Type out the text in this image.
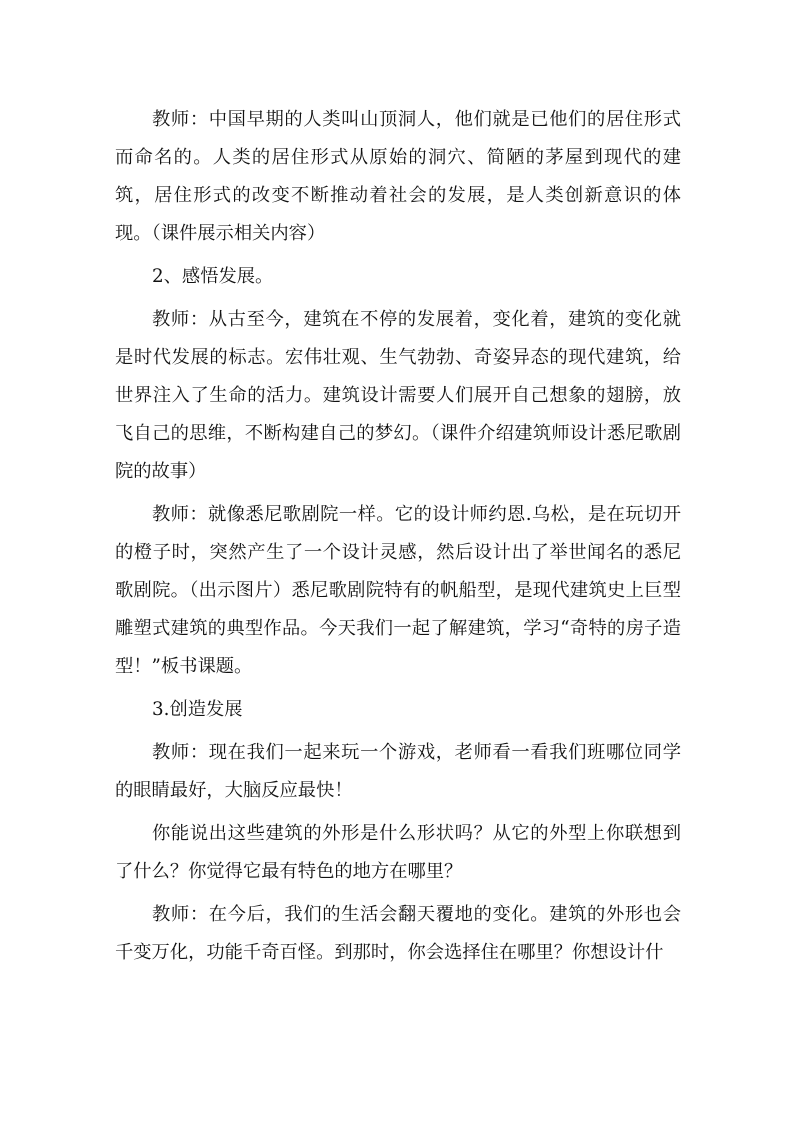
教师：中国早期的人类叫山顶洞人，他们就是已他们的居住形式而命名的。人类的居住形式从原始的洞穴、简陋的茅屋到现代的建筑，居住形式的改变不断推动着社会的发展，是人类创新意识的体现。（课件展示相关内容）

2、感悟发展。

教师：从古至今，建筑在不停的发展着，变化着，建筑的变化就是时代发展的标志。宏伟壮观、生气勃勃、奇姿异态的现代建筑，给世界注入了生命的活力。建筑设计需要人们展开自己想象的翅膀，放飞自己的思维，不断构建自己的梦幻。（课件介绍建筑师设计悉尼歌剧院的故事）

教师：就像悉尼歌剧院一样。它的设计师约恩.乌松，是在玩切开的橙子时，突然产生了一个设计灵感，然后设计出了举世闻名的悉尼歌剧院。（出示图片）悉尼歌剧院特有的帆船型，是现代建筑史上巨型雕塑式建筑的典型作品。今天我们一起了解建筑，学习“奇特的房子造型！”板书课题。

3.创造发展

教师：现在我们一起来玩一个游戏，老师看一看我们班哪位同学的眼睛最好，大脑反应最快！

你能说出这些建筑的外形是什么形状吗？从它的外型上你联想到了什么？你觉得它最有特色的地方在哪里？

教师：在今后，我们的生活会翻天覆地的变化。建筑的外形也会千变万化，功能千奇百怪。到那时，你会选择住在哪里？你想设计什
